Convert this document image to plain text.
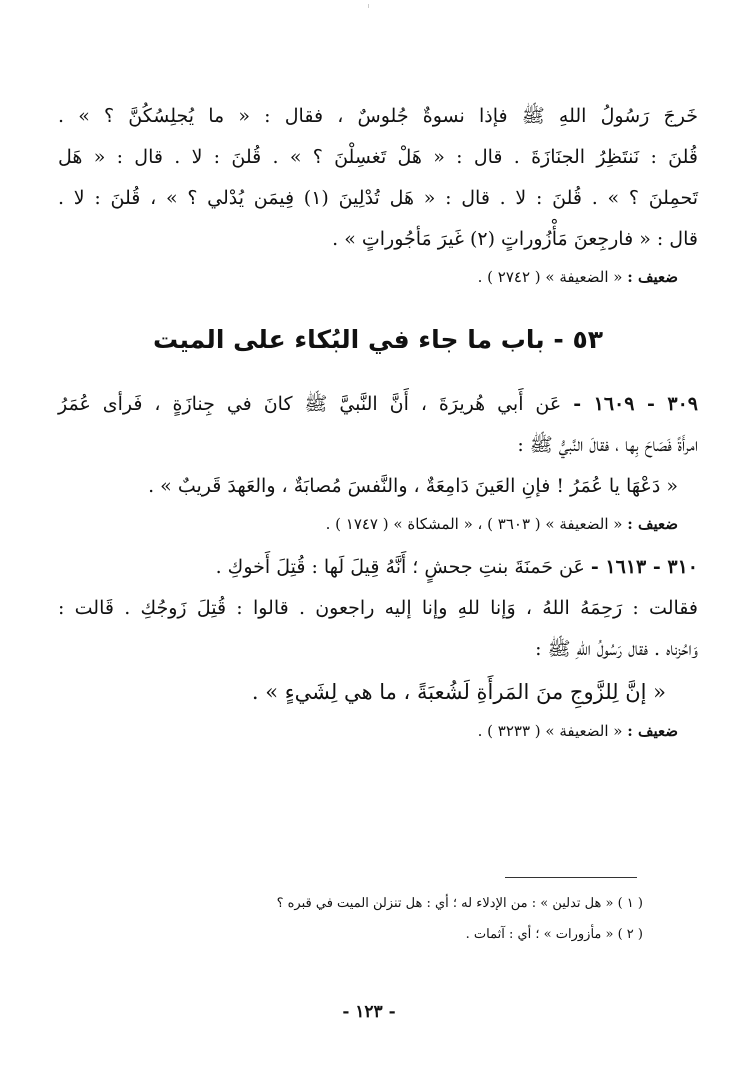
خَرجَ رَسُولُ اللهِ ﷺ فإذا نسوةٌ جُلوسٌ ، فقال : « ما يُجلِسُكُنَّ ؟ » .

قُلنَ : نَنتَظِرُ الجنَازَةَ . قال : « هَلْ تَغسِلْنَ ؟ » . قُلنَ : لا . قال : « هَل

تَحمِلنَ ؟ » . قُلنَ : لا . قال : « هَل تُدْلِينَ (١) فِيمَن يُدْلي ؟ » ، قُلنَ : لا .

قال : « فارجِعنَ مَأْزُوراتٍ (٢) غَيرَ مَأجُوراتٍ » .

ضعيف : « الضعيفة » ( ٢٧٤٢ ) .

٥٣ - باب ما جاء في البُكاء على الميت

٣٠٩ - ١٦٠٩ - عَن أَبي هُريرَةَ ، أَنَّ النَّبيَّ ﷺ كانَ في جِنازَةٍ ، فَرأى عُمَرُ

امرأَةً فَصَاحَ بِها ، فقالَ النَّبيُّ ﷺ :

« دَعْهَا يا عُمَرُ ! فإنِ العَينَ دَامِعَةٌ ، والنَّفسَ مُصابَةٌ ، والعَهدَ قَريبٌ » .

ضعيف : « الضعيفة » ( ٣٦٠٣ ) ، « المشكاة » ( ١٧٤٧ ) .

٣١٠ - ١٦١٣ - عَن حَمنَةَ بنتِ جحشٍ ؛ أَنَّهُ قِيلَ لَها : قُتِلَ أَخوكِ .

فقالت : رَحِمَهُ اللهُ ، وَإنا للهِ وإنا إليه راجعون . قالوا : قُتِلَ زَوجُكِ . قَالت :

وَاحُزناه . فقال رَسُولُ اللهِ ﷺ :

« إنَّ لِلزَّوجِ منَ المَرأَةِ لَشُعبَةً ، ما هي لِشَيءٍ » .

ضعيف : « الضعيفة » ( ٣٢٣٣ ) .

( ١ ) « هل تدلين » : من الإدلاء له ؛ أي : هل تنزلن الميت في قبره ؟

( ٢ ) « مأزورات » ؛ أي : آثمات .

- ١٢٣ -
